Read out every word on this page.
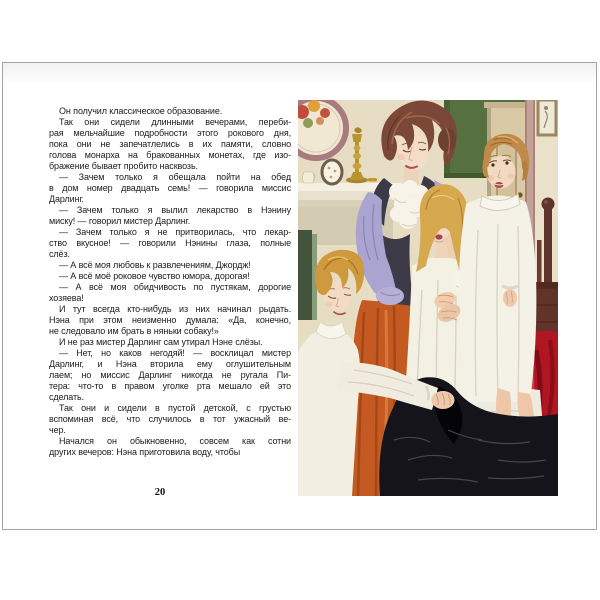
Он получил классическое образование.
Так они сидели длинными вечерами, переби-
рая мельчайшие подробности этого рокового дня,
пока они не запечатлелись в их памяти, словно
голова монарха на бракованных монетах, где изо-
бражение бывает пробито насквозь.
— Зачем только я обещала пойти на обед
в дом номер двадцать семь! — говорила миссис
Дарлинг.
— Зачем только я вылил лекарство в Нэнину
миску! — говорил мистер Дарлинг.
— Зачем только я не притворилась, что лекар-
ство вкусное! — говорили Нэнины глаза, полные
слёз.
— А всё моя любовь к развлечениям, Джордж!
— А всё моё роковое чувство юмора, дорогая!
— А всё моя обидчивость по пустякам, дорогие
хозяева!
И тут всегда кто-нибудь из них начинал рыдать.
Нэна при этом неизменно думала: «Да, конечно,
не следовало им брать в няньки собаку!»
И не раз мистер Дарлинг сам утирал Нэне слёзы.
— Нет, но каков негодяй! — восклицал мистер
Дарлинг, и Нэна вторила ему оглушительным
лаем; но миссис Дарлинг никогда не ругала Пи-
тера: что-то в правом уголке рта мешало ей это
сделать.
Так они и сидели в пустой детской, с грустью
вспоминая всё, что случилось в тот ужасный ве-
чер.
Начался он обыкновенно, совсем как сотни
других вечеров: Нэна приготовила воду, чтобы
20
